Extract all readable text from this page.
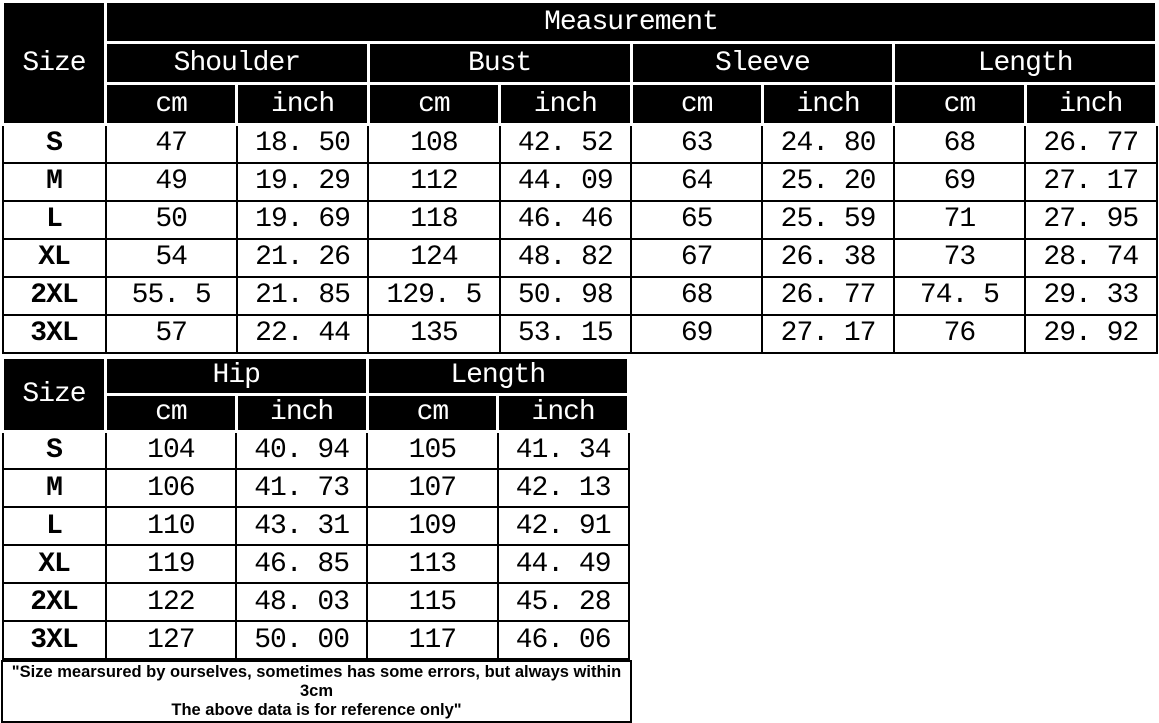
Size	Measurement							
	Shoulder		Bust		Sleeve		Length	
	cm	inch	cm	inch	cm	inch	cm	inch
S	47	18. 50	108	42. 52	63	24. 80	68	26. 77
M	49	19. 29	112	44. 09	64	25. 20	69	27. 17
L	50	19. 69	118	46. 46	65	25. 59	71	27. 95
XL	54	21. 26	124	48. 82	67	26. 38	73	28. 74
2XL	55. 5	21. 85	129. 5	50. 98	68	26. 77	74. 5	29. 33
3XL	57	22. 44	135	53. 15	69	27. 17	76	29. 92
Size	Hip		Length	
	cm	inch	cm	inch
S	104	40. 94	105	41. 34
M	106	41. 73	107	42. 13
L	110	43. 31	109	42. 91
XL	119	46. 85	113	44. 49
2XL	122	48. 03	115	45. 28
3XL	127	50. 00	117	46. 06
"Size mearsured by ourselves, sometimes has some errors, but always within 3cm
The above data is for reference only"
